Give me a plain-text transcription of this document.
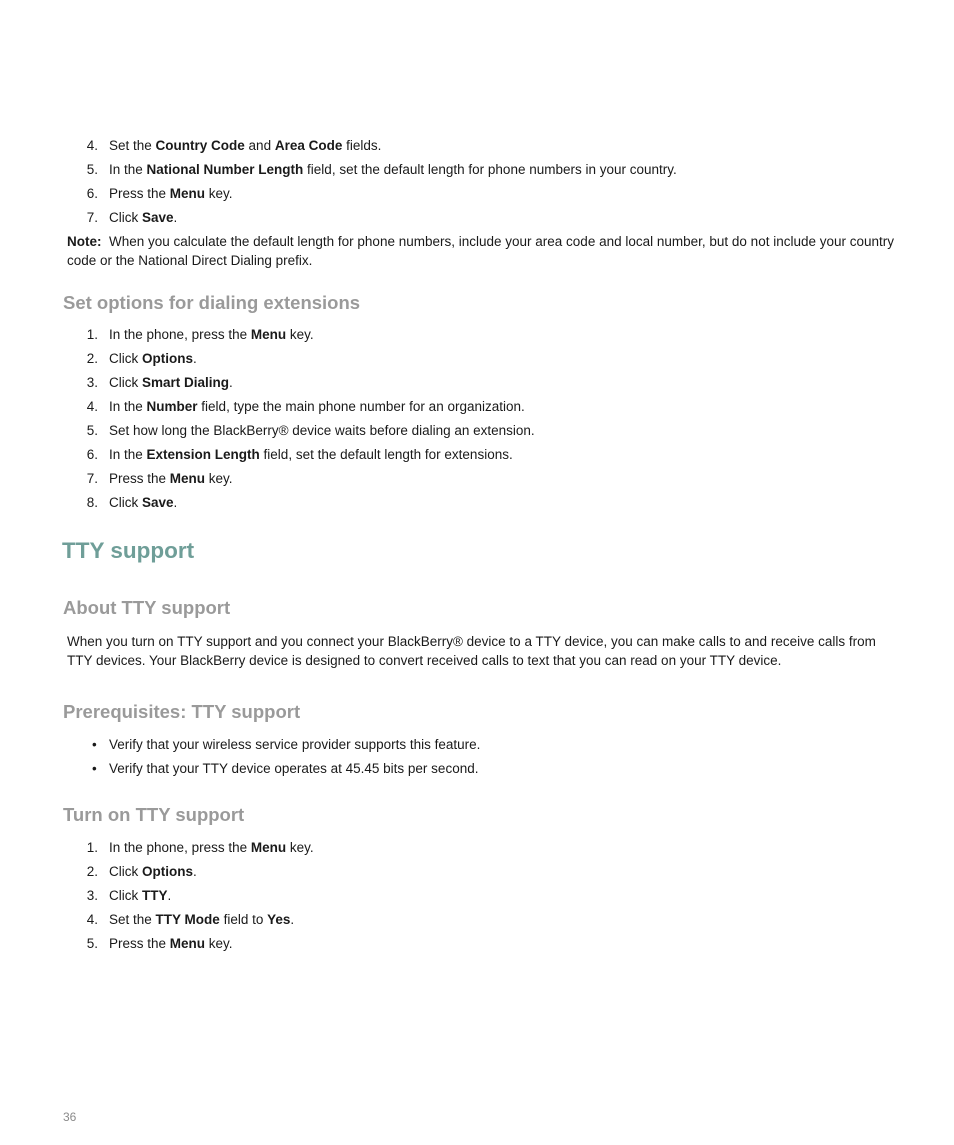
4. Set the Country Code and Area Code fields.
5. In the National Number Length field, set the default length for phone numbers in your country.
6. Press the Menu key.
7. Click Save.
Note: When you calculate the default length for phone numbers, include your area code and local number, but do not include your country code or the National Direct Dialing prefix.
Set options for dialing extensions
1. In the phone, press the Menu key.
2. Click Options.
3. Click Smart Dialing.
4. In the Number field, type the main phone number for an organization.
5. Set how long the BlackBerry® device waits before dialing an extension.
6. In the Extension Length field, set the default length for extensions.
7. Press the Menu key.
8. Click Save.
TTY support
About TTY support

When you turn on TTY support and you connect your BlackBerry® device to a TTY device, you can make calls to and receive calls from TTY devices. Your BlackBerry device is designed to convert received calls to text that you can read on your TTY device.

Prerequisites: TTY support
• Verify that your wireless service provider supports this feature.
• Verify that your TTY device operates at 45.45 bits per second.
Turn on TTY support
1. In the phone, press the Menu key.
2. Click Options.
3. Click TTY.
4. Set the TTY Mode field to Yes.
5. Press the Menu key.
36
